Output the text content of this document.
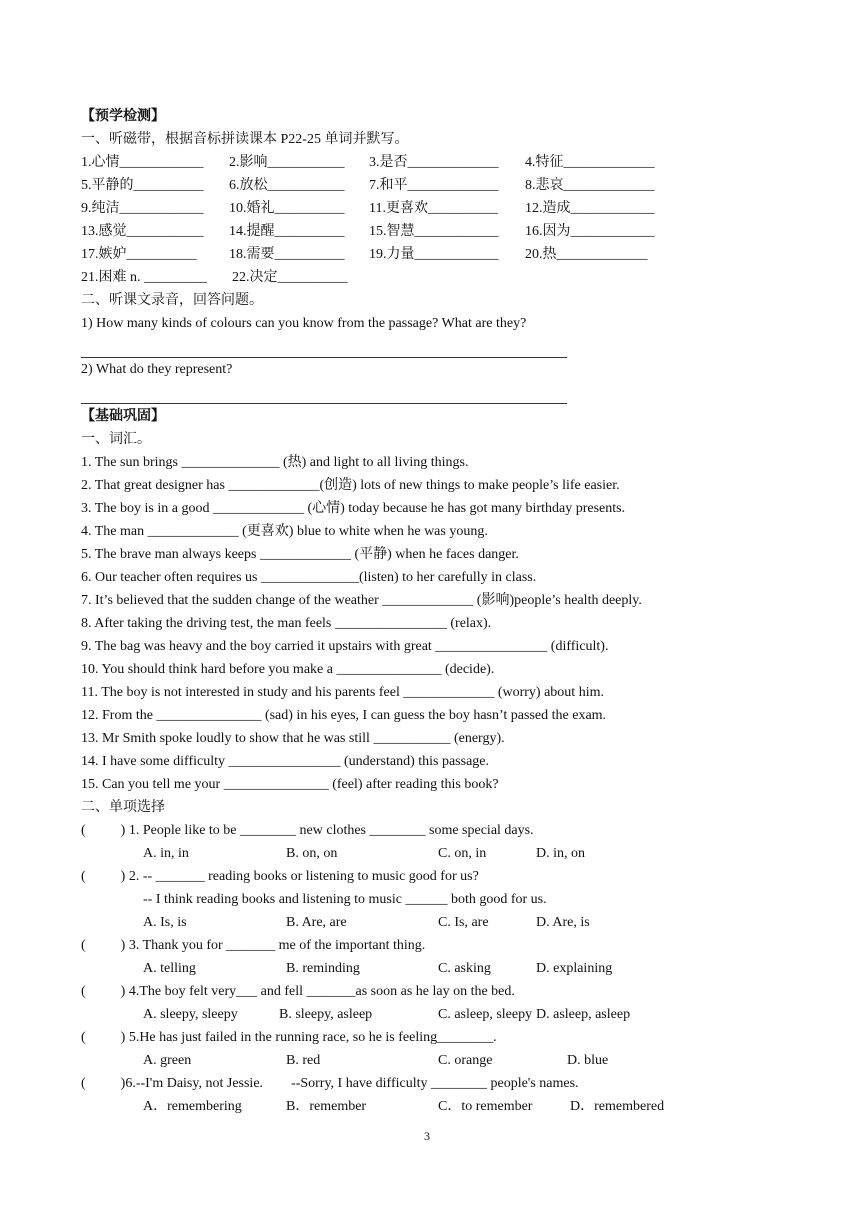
【预学检测】
一、听磁带，根据音标拼读课本 P22-25 单词并默写。
1.心情____________ 2.影响___________ 3.是否_____________ 4.特征_____________
5.平静的__________ 6.放松___________ 7.和平_____________ 8.悲哀_____________
9.纯洁____________ 10.婚礼__________ 11.更喜欢__________ 12.造成____________
13.感觉___________ 14.提醒__________ 15.智慧____________ 16.因为____________
17.嫉妒__________ 18.需要__________ 19.力量____________ 20.热_____________
21.困难 n. _________ 22.决定__________
二、听课文录音，回答问题。
1) How many kinds of colours can you know from the passage? What are they?
2) What do they represent?
【基础巩固】
一、词汇。
1. The sun brings ______________ (热) and light to all living things.
2. That great designer has _____________(创造) lots of new things to make people’s life easier.
3. The boy is in a good _____________ (心情) today because he has got many birthday presents.
4. The man _____________ (更喜欢) blue to white when he was young.
5. The brave man always keeps _____________ (平静) when he faces danger.
6. Our teacher often requires us ______________(listen) to her carefully in class.
7. It’s believed that the sudden change of the weather _____________ (影响)people’s health deeply.
8. After taking the driving test, the man feels ________________ (relax).
9. The bag was heavy and the boy carried it upstairs with great ________________ (difficult).
10. You should think hard before you make a _______________ (decide).
11. The boy is not interested in study and his parents feel _____________ (worry) about him.
12. From the _______________ (sad) in his eyes, I can guess the boy hasn’t passed the exam.
13. Mr Smith spoke loudly to show that he was still ___________ (energy).
14. I have some difficulty ________________ (understand) this passage.
15. Can you tell me your _______________ (feel) after reading this book?
二、单项选择
(          ) 1. People like to be ________ new clothes ________ some special days.
A. in, in	B. on, on	C. on, in	D. in, on
(          ) 2. -- _______ reading books or listening to music good for us?
-- I think reading books and listening to music ______ both good for us.
A. Is, is	B. Are, are	C. Is, are	D. Are, is
(          ) 3. Thank you for _______ me of the important thing.
A. telling	B. reminding	C. asking	D. explaining
(          ) 4.The boy felt very___ and fell _______as soon as he lay on the bed.
A. sleepy, sleepy	B. sleepy, asleep	C. asleep, sleepy D. asleep, asleep
(          ) 5.He has just failed in the running race, so he is feeling________.
A. green	B. red	C. orange	D. blue
(          )6.--I'm Daisy, not Jessie.        --Sorry, I have difficulty ________ people's names.
A．remembering	B．remember	C．to remember	D．remembered
3
